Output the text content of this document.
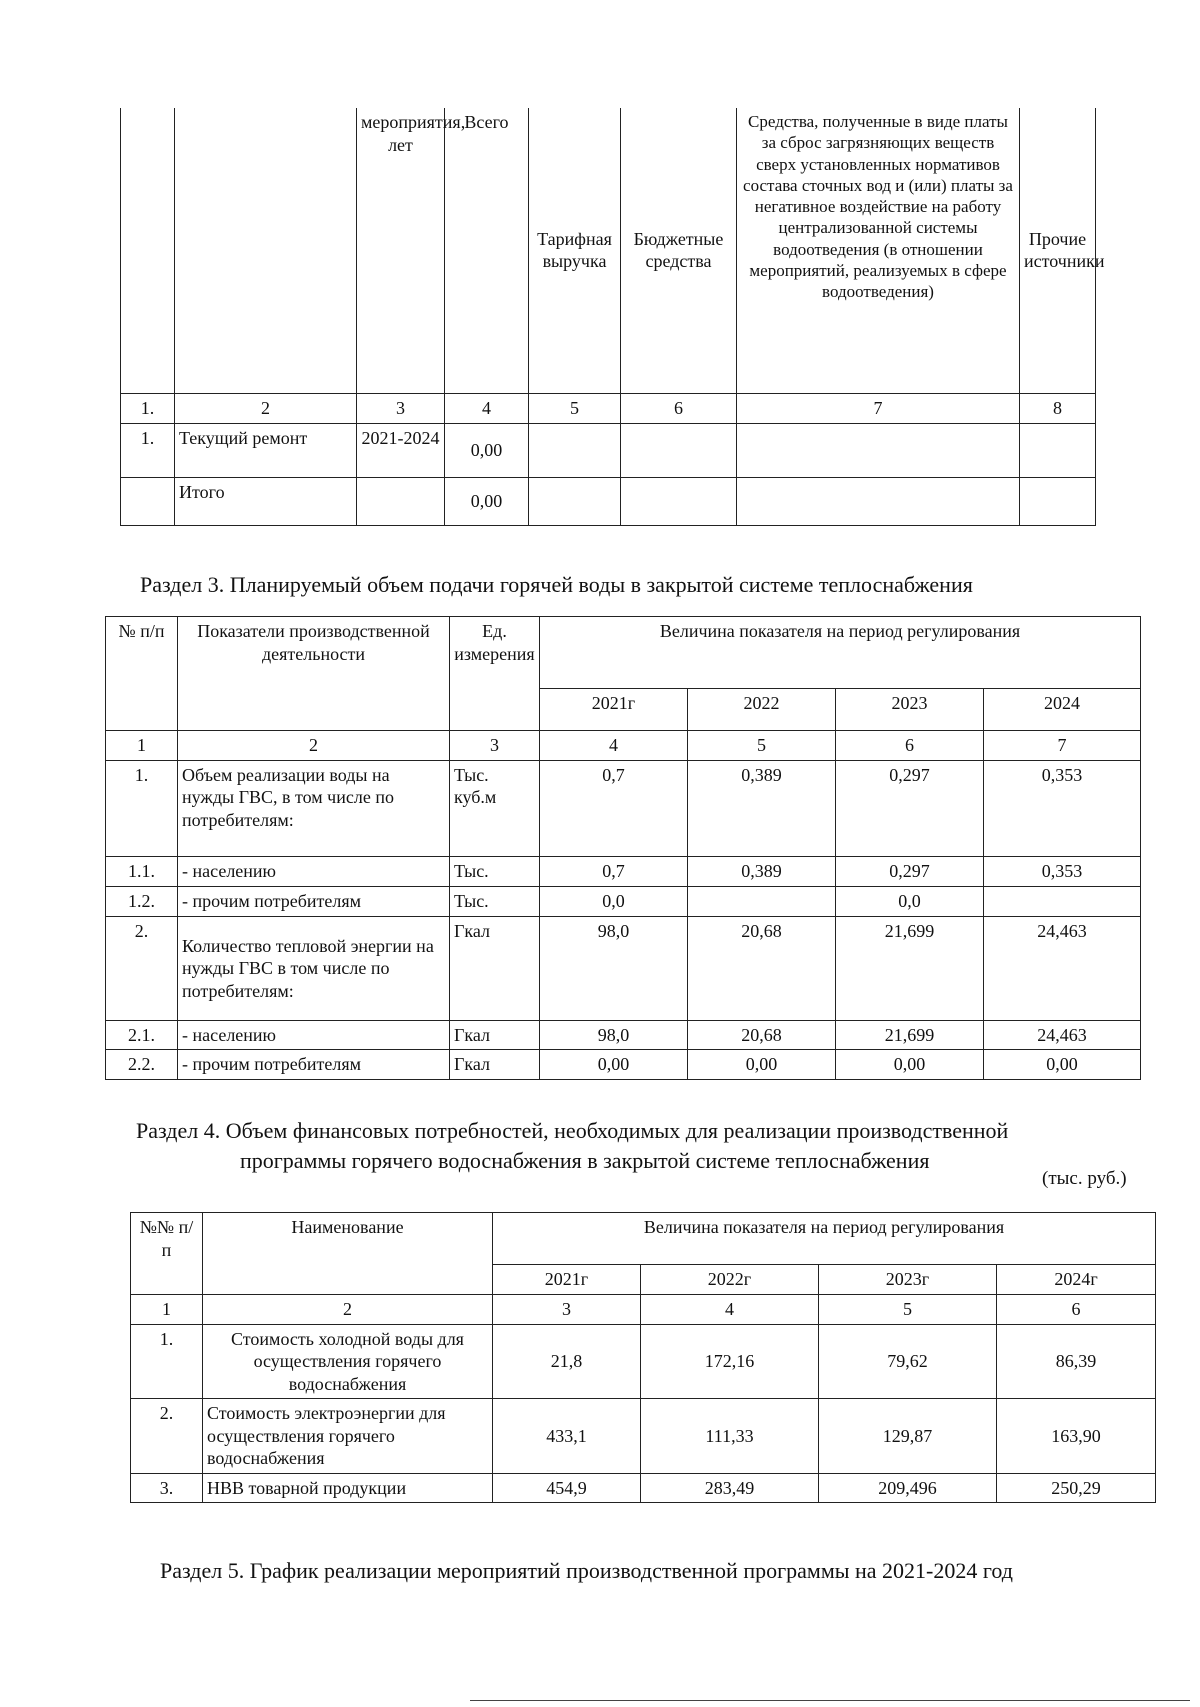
		мероприятия, лет	Всего	Тарифная выручка	Бюджетные средства	Средства, полученные в виде платы за сброс загрязняющих веществ сверх установленных нормативов состава сточных вод и (или) платы за негативное воздействие на работу централизованной системы водоотведения (в отношении мероприятий, реализуемых в сфере водоотведения)	Прочие источники
1.	2	3	4	5	6	7	8
1.	Текущий ремонт	2021-2024	0,00				
	Итого		0,00				
Раздел 3. Планируемый объем подачи горячей воды в закрытой системе теплоснабжения
№ п/п	Показатели производственной деятельности	Ед. измерения	Величина показателя на период регулирования			
			2021г	2022	2023	2024
1	2	3	4	5	6	7
1.	Объем реализации воды на нужды ГВС, в том числе по потребителям:	Тыс. куб.м	0,7	0,389	0,297	0,353
1.1.	- населению	Тыс.	0,7	0,389	0,297	0,353
1.2.	- прочим потребителям	Тыс.	0,0		0,0	
2.	Количество тепловой энергии на нужды ГВС в том числе по потребителям:	Гкал	98,0	20,68	21,699	24,463
2.1.	- населению	Гкал	98,0	20,68	21,699	24,463
2.2.	- прочим потребителям	Гкал	0,00	0,00	0,00	0,00
Раздел 4. Объем финансовых потребностей, необходимых для реализации производственной
программы горячего водоснабжения в закрытой системе теплоснабжения
(тыс. руб.)
№№ п/п	Наименование	Величина показателя на период регулирования			
		2021г	2022г	2023г	2024г
1	2	3	4	5	6
1.	Стоимость холодной воды для осуществления горячего водоснабжения	21,8	172,16	79,62	86,39
2.	Стоимость электроэнергии для осуществления горячего водоснабжения	433,1	111,33	129,87	163,90
3.	НВВ товарной продукции	454,9	283,49	209,496	250,29
Раздел 5. График реализации мероприятий производственной программы на 2021-2024 год
